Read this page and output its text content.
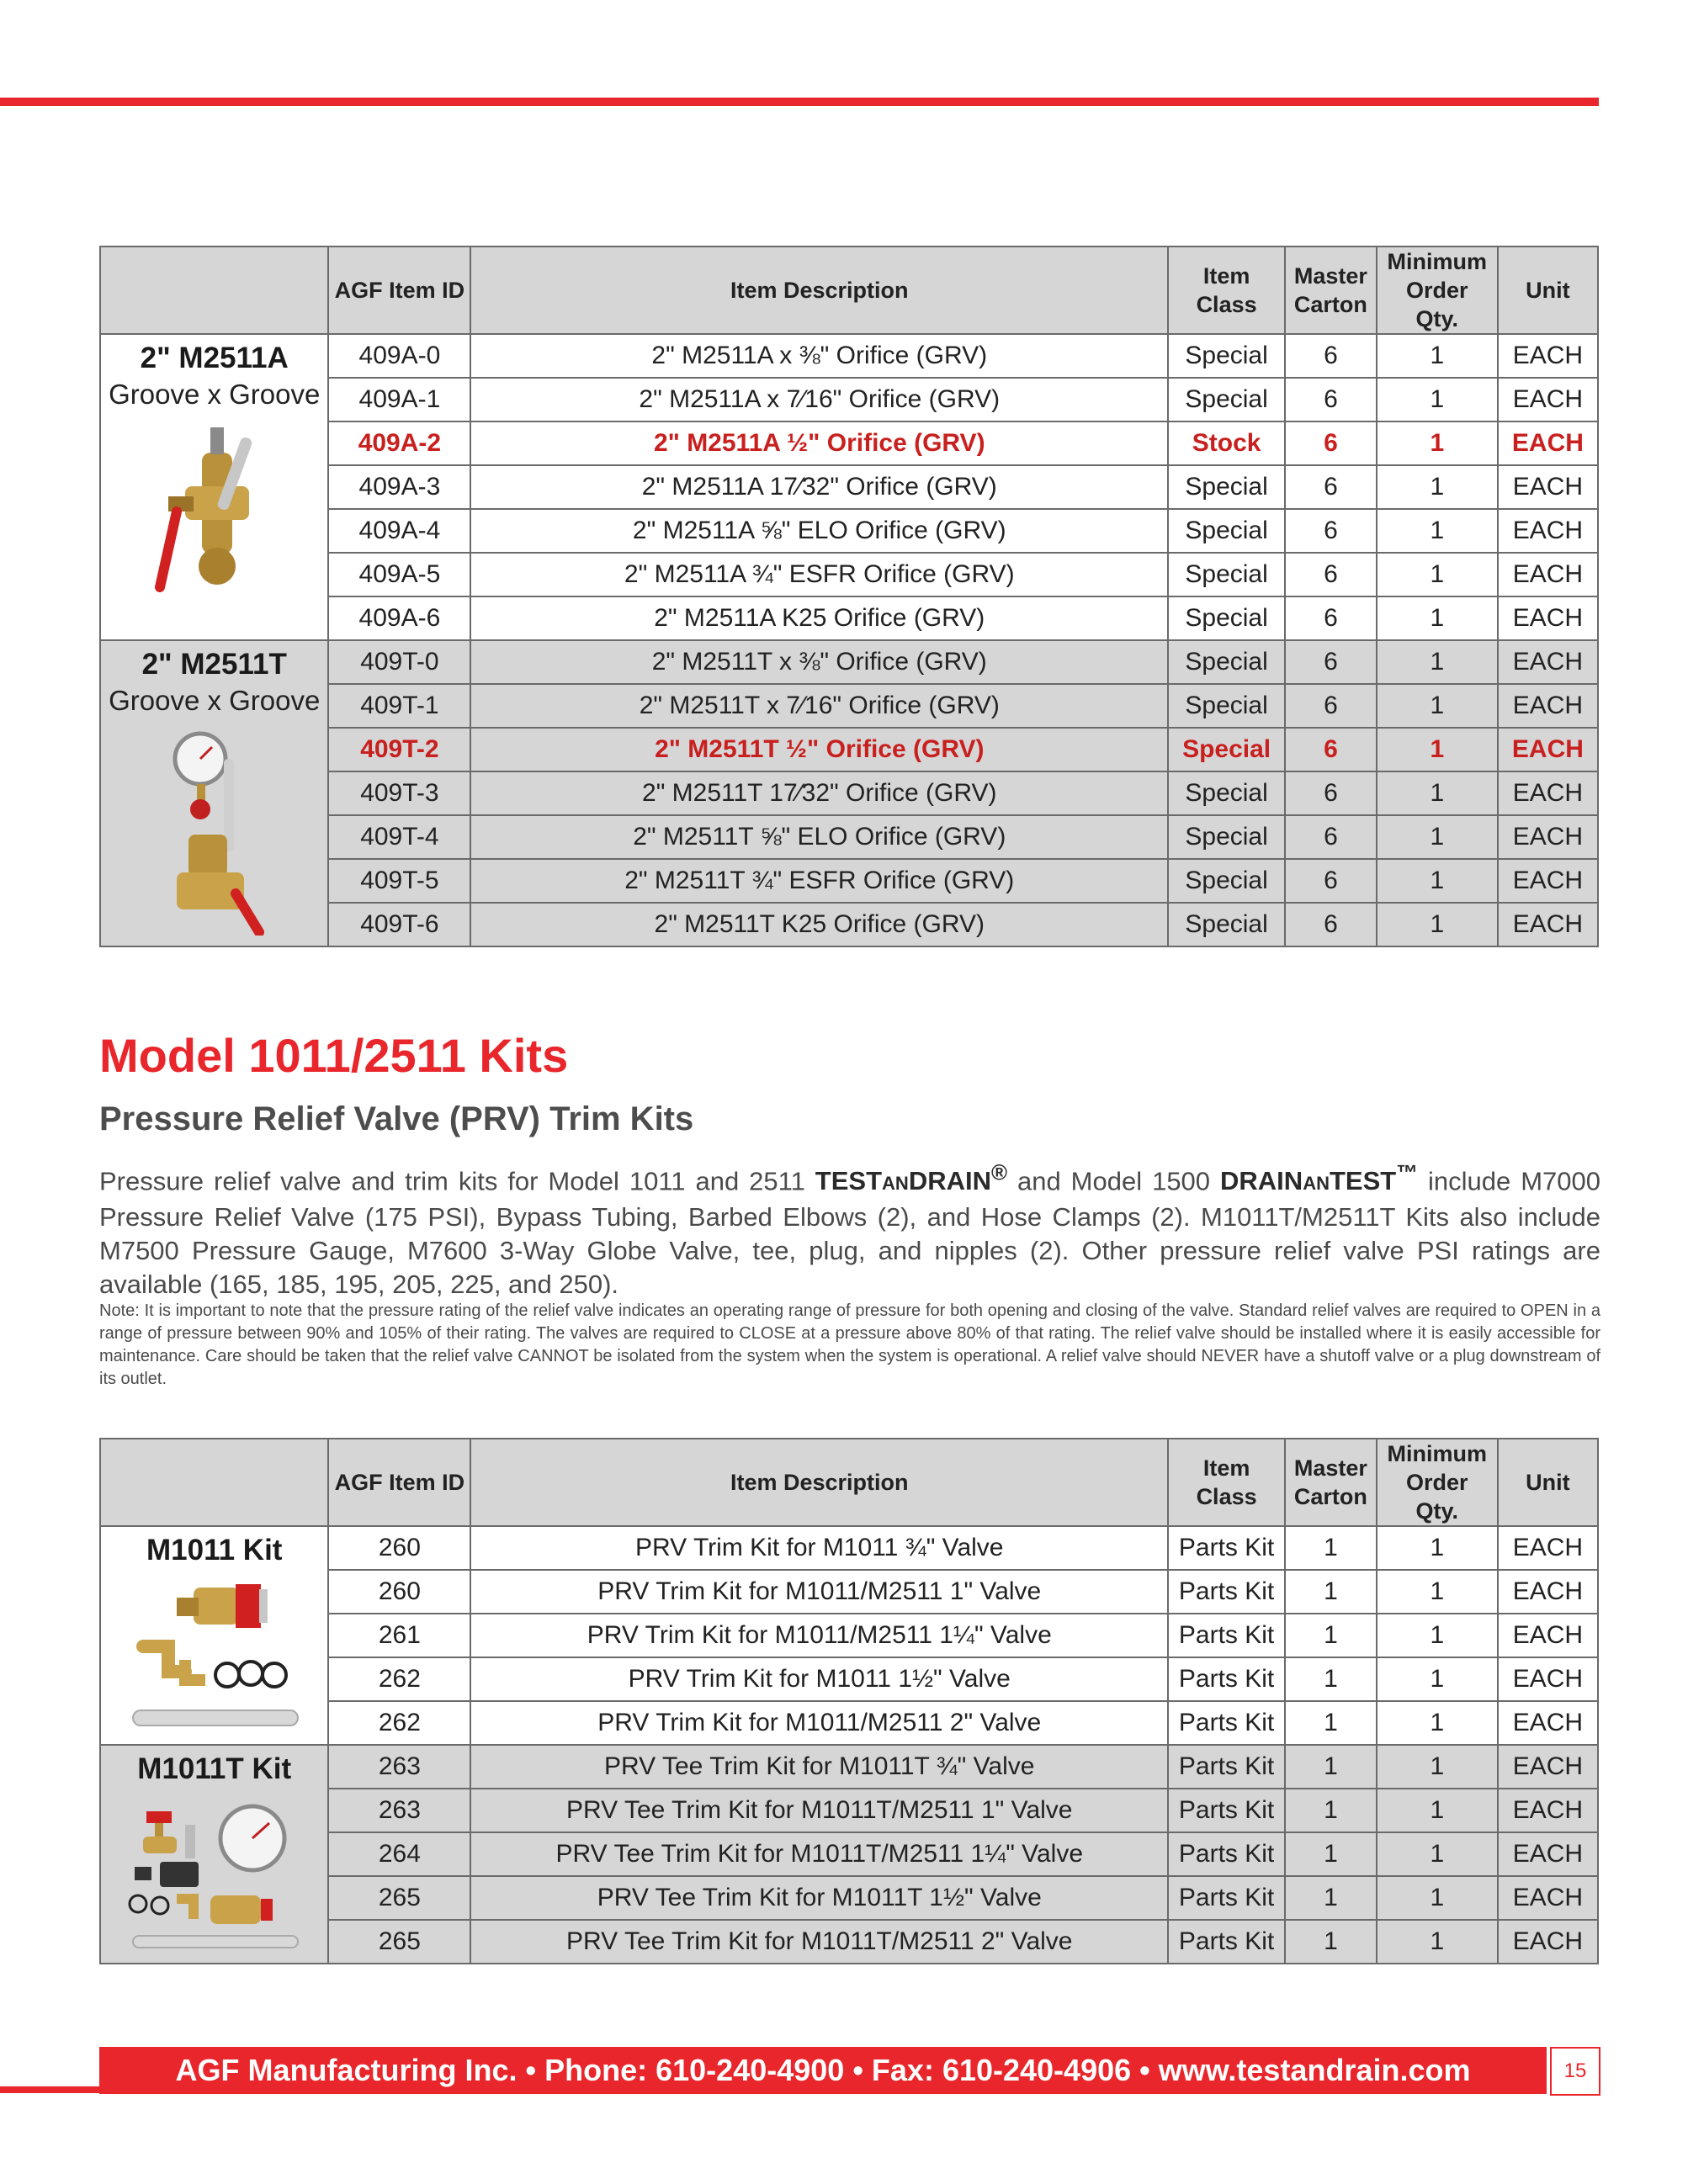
	AGF Item ID	Item Description	Item Class	Master Carton	Minimum Order Qty.	Unit

2" M2511A
Groove x Groove	409A-0	2" M2511A x ⅜" Orifice (GRV)	Special	6	1	EACH
	409A-1	2" M2511A x 7⁄16" Orifice (GRV)	Special	6	1	EACH
	409A-2	2" M2511A ½" Orifice (GRV)	Stock	6	1	EACH
	409A-3	2" M2511A 17⁄32" Orifice (GRV)	Special	6	1	EACH
	409A-4	2" M2511A ⅝" ELO Orifice (GRV)	Special	6	1	EACH
	409A-5	2" M2511A ¾" ESFR Orifice (GRV)	Special	6	1	EACH
	409A-6	2" M2511A K25 Orifice (GRV)	Special	6	1	EACH

2" M2511T
Groove x Groove	409T-0	2" M2511T x ⅜" Orifice (GRV)	Special	6	1	EACH
	409T-1	2" M2511T x 7⁄16" Orifice (GRV)	Special	6	1	EACH
	409T-2	2" M2511T ½" Orifice (GRV)	Special	6	1	EACH
	409T-3	2" M2511T 17⁄32" Orifice (GRV)	Special	6	1	EACH
	409T-4	2" M2511T ⅝" ELO Orifice (GRV)	Special	6	1	EACH
	409T-5	2" M2511T ¾" ESFR Orifice (GRV)	Special	6	1	EACH
	409T-6	2" M2511T K25 Orifice (GRV)	Special	6	1	EACH
Model 1011/2511 Kits
Pressure Relief Valve (PRV) Trim Kits

Pressure relief valve and trim kits for Model 1011 and 2511 TESTANDRAIN® and Model 1500 DRAINANTEST™ include M7000 Pressure Relief Valve (175 PSI), Bypass Tubing, Barbed Elbows (2), and Hose Clamps (2). M1011T/M2511T Kits also include M7500 Pressure Gauge, M7600 3-Way Globe Valve, tee, plug, and nipples (2). Other pressure relief valve PSI ratings are available (165, 185, 195, 205, 225, and 250).

Note: It is important to note that the pressure rating of the relief valve indicates an operating range of pressure for both opening and closing of the valve. Standard relief valves are required to OPEN in a range of pressure between 90% and 105% of their rating. The valves are required to CLOSE at a pressure above 80% of that rating. The relief valve should be installed where it is easily accessible for maintenance. Care should be taken that the relief valve CANNOT be isolated from the system when the system is operational. A relief valve should NEVER have a shutoff valve or a plug downstream of its outlet.

	AGF Item ID	Item Description	Item Class	Master Carton	Minimum Order Qty.	Unit

M1011 Kit	260	PRV Trim Kit for M1011 ¾" Valve	Parts Kit	1	1	EACH
	260	PRV Trim Kit for M1011/M2511 1" Valve	Parts Kit	1	1	EACH
	261	PRV Trim Kit for M1011/M2511 1¼" Valve	Parts Kit	1	1	EACH
	262	PRV Trim Kit for M1011 1½" Valve	Parts Kit	1	1	EACH
	262	PRV Trim Kit for M1011/M2511 2" Valve	Parts Kit	1	1	EACH

M1011T Kit	263	PRV Tee Trim Kit for M1011T ¾" Valve	Parts Kit	1	1	EACH
	263	PRV Tee Trim Kit for M1011T/M2511 1" Valve	Parts Kit	1	1	EACH
	264	PRV Tee Trim Kit for M1011T/M2511 1¼" Valve	Parts Kit	1	1	EACH
	265	PRV Tee Trim Kit for M1011T 1½" Valve	Parts Kit	1	1	EACH
	265	PRV Tee Trim Kit for M1011T/M2511 2" Valve	Parts Kit	1	1	EACH
AGF Manufacturing Inc. • Phone: 610-240-4900 • Fax: 610-240-4906 • www.testandrain.com	15
